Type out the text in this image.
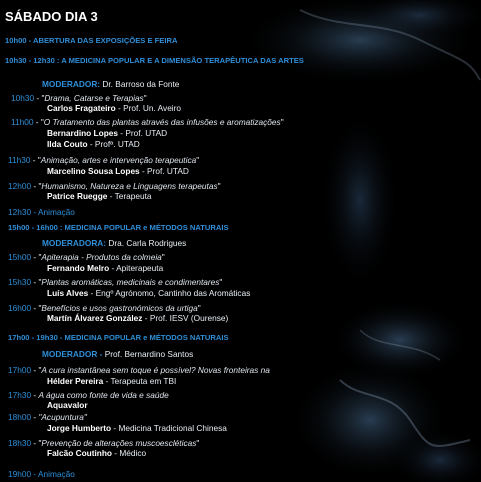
SÁBADO DIA 3
10h00 - ABERTURA DAS EXPOSIÇÕES E FEIRA
10h30 - 12h30 : A MEDICINA POPULAR E A DIMENSÃO TERAPÊUTICA DAS ARTES
MODERADOR: Dr. Barroso da Fonte
10h30 - "Drama, Catarse e Terapias"
Carlos Fragateiro - Prof. Un. Aveiro
11h00 - "O Tratamento das plantas através das infusões e aromatizações"
Bernardino Lopes - Prof. UTAD
Ilda Couto - Profª. UTAD
11h30 - "Animação, artes e intervenção terapeutica"
Marcelino Sousa Lopes - Prof. UTAD
12h00 - "Humanismo, Natureza e Linguagens terapeutas"
Patrice Ruegge - Terapeuta
12h30 - Animação
15h00 - 16h00 : MEDICINA POPULAR e MÉTODOS NATURAIS
MODERADORA: Dra. Carla Rodrigues
15h00 - "Apiterapia - Produtos da colmeia"
Fernando Melro - Apiterapeuta
15h30 - "Plantas aromáticas, medicinais e condimentares"
Luís Alves - Engº Agrónomo, Cantinho das Aromáticas
16h00 - "Benefícios e usos gastronómicos da urtiga"
Martín Álvarez González - Prof. IESV (Ourense)
17h00 - 19h30 - MEDICINA POPULAR e MÉTODOS NATURAIS
MODERADOR - Prof. Bernardino Santos
17h00 - "A cura instantânea sem toque é possível? Novas fronteiras na
Hélder Pereira - Terapeuta em TBI
17h30 - A água como fonte de vida e saúde
Aquavalor
18h00 - "Acupuntura"
Jorge Humberto - Medicina Tradicional Chinesa
18h30 - "Prevenção de alterações muscoescléticas"
Falcão Coutinho - Médico
19h00 - Animação
